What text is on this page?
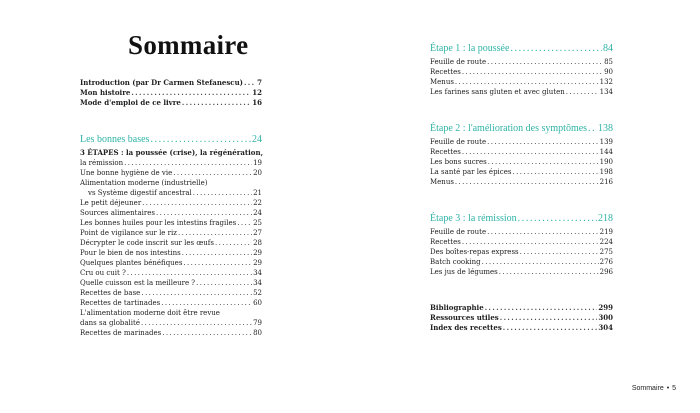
Sommaire
Introduction (par Dr Carmen Stefanescu) ..... 7
Mon histoire .....	12
Mode d'emploi de ce livre .....	16
Les bonnes bases .....	24
3 ÉTAPES : la poussée (crise), la régénération,
la rémission .....	19
Une bonne hygiène de vie .....	20
Alimentation moderne (industrielle)
vs Système digestif ancestral .....	21
Le petit déjeuner .....	22
Sources alimentaires .....	24
Les bonnes huiles pour les intestins fragiles ..... 25
Point de vigilance sur le riz .....	27
Décrypter le code inscrit sur les œufs .....	28
Pour le bien de nos intestins .....	29
Quelques plantes bénéfiques .....	29
Cru ou cuit ? .....	34
Quelle cuisson est la meilleure ? .....	34
Recettes de base .....	52
Recettes de tartinades .....	60
L'alimentation moderne doit être revue
dans sa globalité .....	79
Recettes de marinades .....	80
Étape 1 : la poussée .....	84
Feuille de route .....	85
Recettes .....	90
Menus .....	132
Les farines sans gluten et avec gluten .....	134
Étape 2 : l'amélioration des symptômes ..... 138
Feuille de route .....	139
Recettes .....	144
Les bons sucres .....	190
La santé par les épices .....	198
Menus .....	216
Étape 3 : la rémission .....	218
Feuille de route .....	219
Recettes .....	224
Des boîtes-repas express .....	275
Batch cooking .....	276
Les jus de légumes .....	296
Bibliographie .....	299
Ressources utiles .....	300
Index des recettes .....	304
Sommaire • 5
